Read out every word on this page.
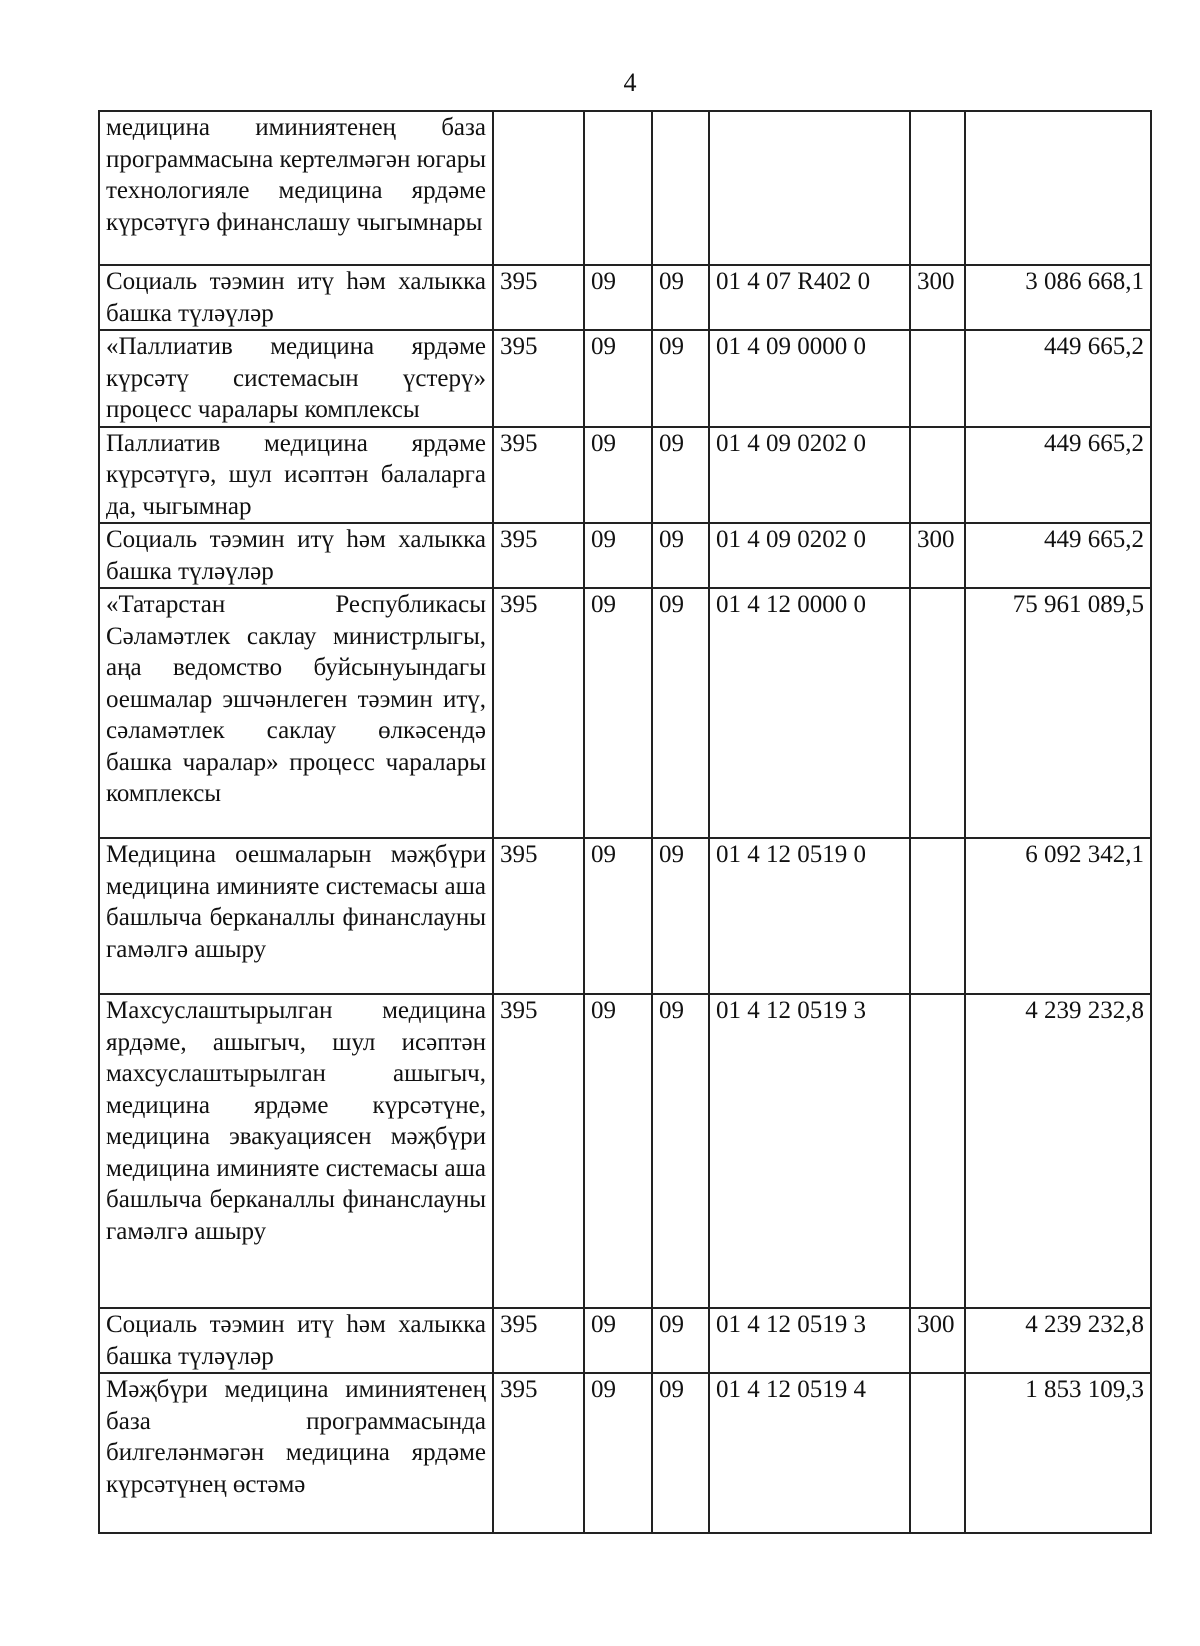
4
медицина иминиятенең база программасына кертелмәгән югары технологияле медицина ярдәме күрсәтүгә финанслашу чыгымнары						
Социаль тәэмин итү һәм халыкка башка түләүләр	395	09	09	01 4 07 R402 0	300	3 086 668,1
«Паллиатив медицина ярдәме күрсәтү системасын үстерү» процесс чаралары комплексы	395	09	09	01 4 09 0000 0		449 665,2
Паллиатив медицина ярдәме күрсәтүгә, шул исәптән балаларга да, чыгымнар	395	09	09	01 4 09 0202 0		449 665,2
Социаль тәэмин итү һәм халыкка башка түләүләр	395	09	09	01 4 09 0202 0	300	449 665,2
«Татарстан Республикасы Сәламәтлек саклау министрлыгы, аңа ведомство буйсынуындагы оешмалар эшчәнлеген тәэмин итү, сәламәтлек саклау өлкәсендә башка чаралар» процесс чаралары комплексы	395	09	09	01 4 12 0000 0		75 961 089,5
Медицина оешмаларын мәҗбүри медицина иминияте системасы аша башлыча берканаллы финанслауны гамәлгә ашыру	395	09	09	01 4 12 0519 0		6 092 342,1
Махсуслаштырылган медицина ярдәме, ашыгыч, шул исәптән махсуслаштырылган ашыгыч, медицина ярдәме күрсәтүне, медицина эвакуациясен мәҗбүри медицина иминияте системасы аша башлыча берканаллы финанслауны гамәлгә ашыру	395	09	09	01 4 12 0519 3		4 239 232,8
Социаль тәэмин итү һәм халыкка башка түләүләр	395	09	09	01 4 12 0519 3	300	4 239 232,8
Мәҗбүри медицина иминиятенең база программасында билгеләнмәгән медицина ярдәме күрсәтүнең өстәмә	395	09	09	01 4 12 0519 4		1 853 109,3
